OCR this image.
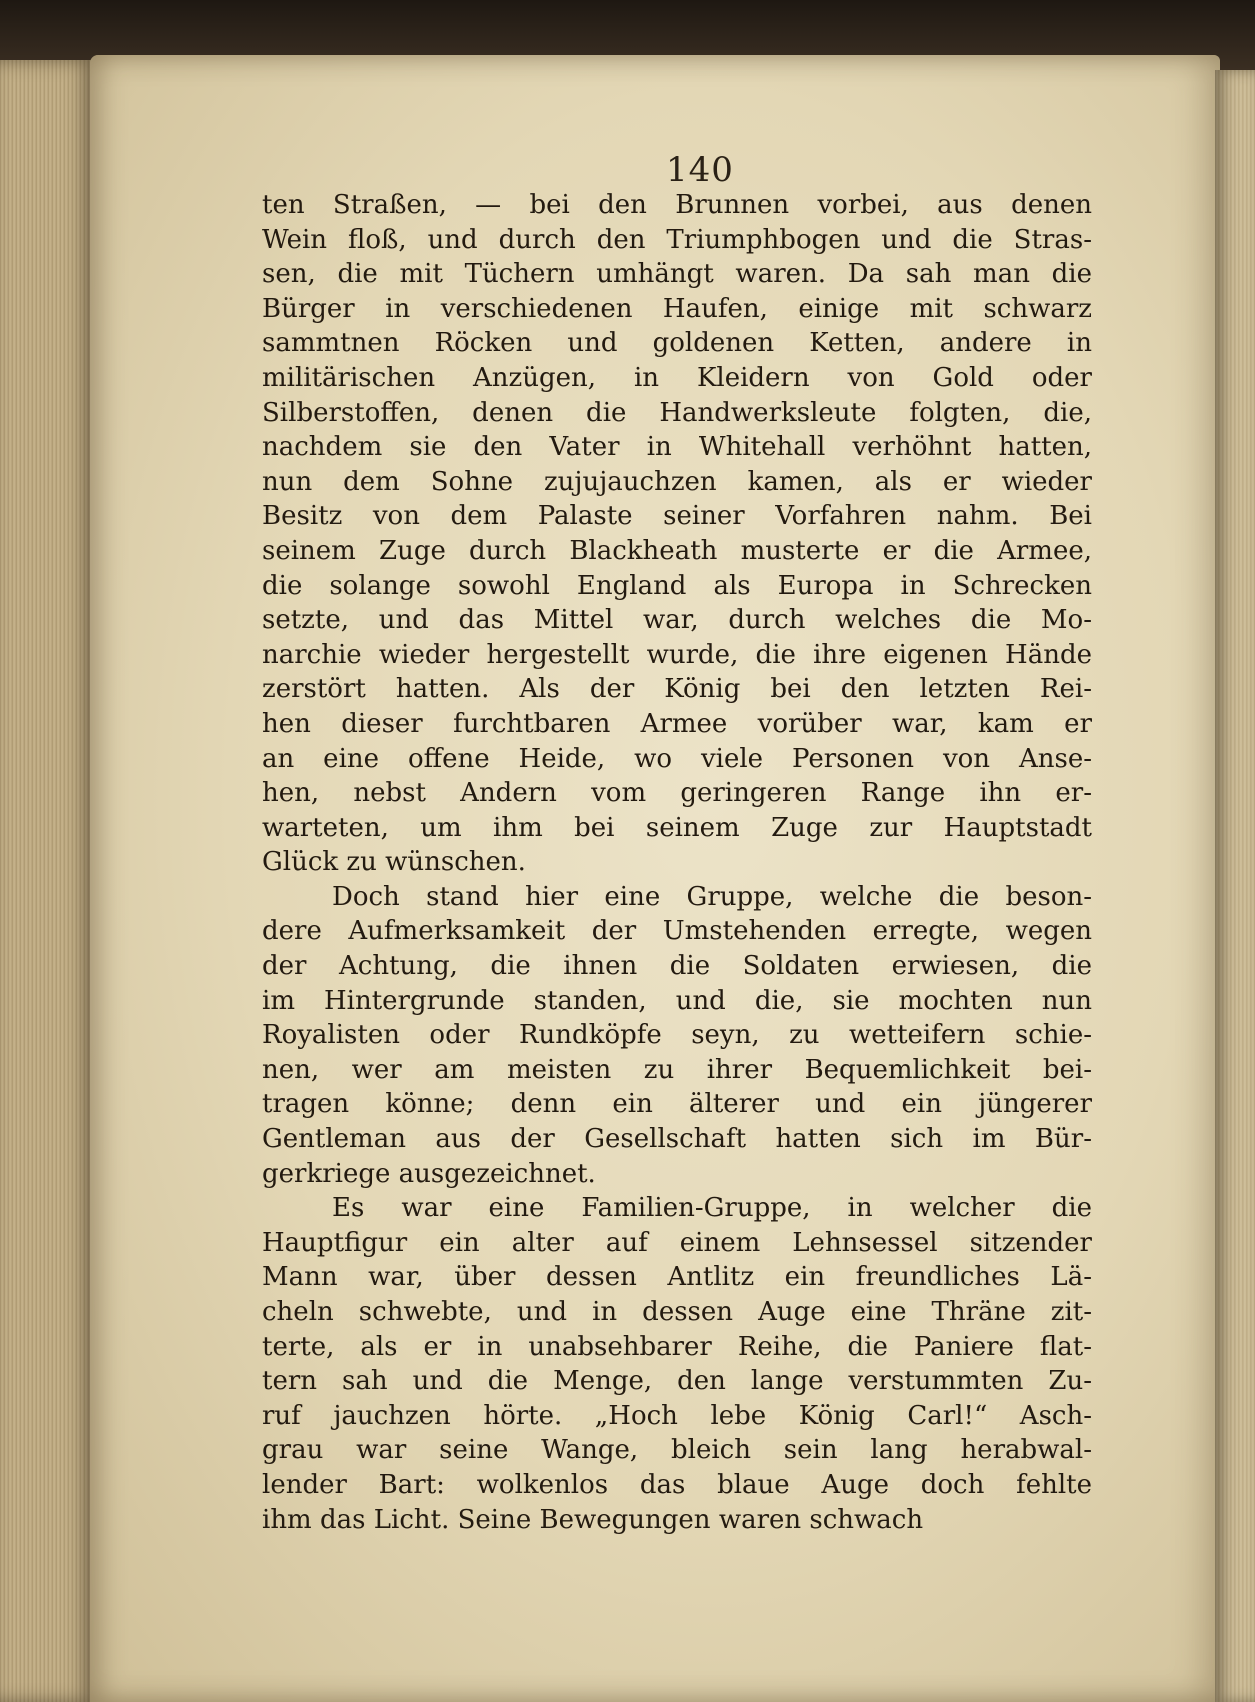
140
ten Straßen, — bei den Brunnen vorbei, aus denen
Wein floß, und durch den Triumphbogen und die Stras-
sen, die mit Tüchern umhängt waren. Da sah man die
Bürger in verschiedenen Haufen, einige mit schwarz
sammtnen Röcken und goldenen Ketten, andere in
militärischen Anzügen, in Kleidern von Gold oder
Silberstoffen, denen die Handwerksleute folgten, die,
nachdem sie den Vater in Whitehall verhöhnt hatten,
nun dem Sohne zujujauchzen kamen, als er wieder
Besitz von dem Palaste seiner Vorfahren nahm. Bei
seinem Zuge durch Blackheath musterte er die Armee,
die solange sowohl England als Europa in Schrecken
setzte, und das Mittel war, durch welches die Mo-
narchie wieder hergestellt wurde, die ihre eigenen Hände
zerstört hatten. Als der König bei den letzten Rei-
hen dieser furchtbaren Armee vorüber war, kam er
an eine offene Heide, wo viele Personen von Anse-
hen, nebst Andern vom geringeren Range ihn er-
warteten, um ihm bei seinem Zuge zur Hauptstadt
Glück zu wünschen.
Doch stand hier eine Gruppe, welche die beson-
dere Aufmerksamkeit der Umstehenden erregte, wegen
der Achtung, die ihnen die Soldaten erwiesen, die
im Hintergrunde standen, und die, sie mochten nun
Royalisten oder Rundköpfe seyn, zu wetteifern schie-
nen, wer am meisten zu ihrer Bequemlichkeit bei-
tragen könne; denn ein älterer und ein jüngerer
Gentleman aus der Gesellschaft hatten sich im Bür-
gerkriege ausgezeichnet.
Es war eine Familien-Gruppe, in welcher die
Hauptfigur ein alter auf einem Lehnsessel sitzender
Mann war, über dessen Antlitz ein freundliches Lä-
cheln schwebte, und in dessen Auge eine Thräne zit-
terte, als er in unabsehbarer Reihe, die Paniere flat-
tern sah und die Menge, den lange verstummten Zu-
ruf jauchzen hörte. „Hoch lebe König Carl!“ Asch-
grau war seine Wange, bleich sein lang herabwal-
lender Bart: wolkenlos das blaue Auge doch fehlte
ihm das Licht. Seine Bewegungen waren schwach
